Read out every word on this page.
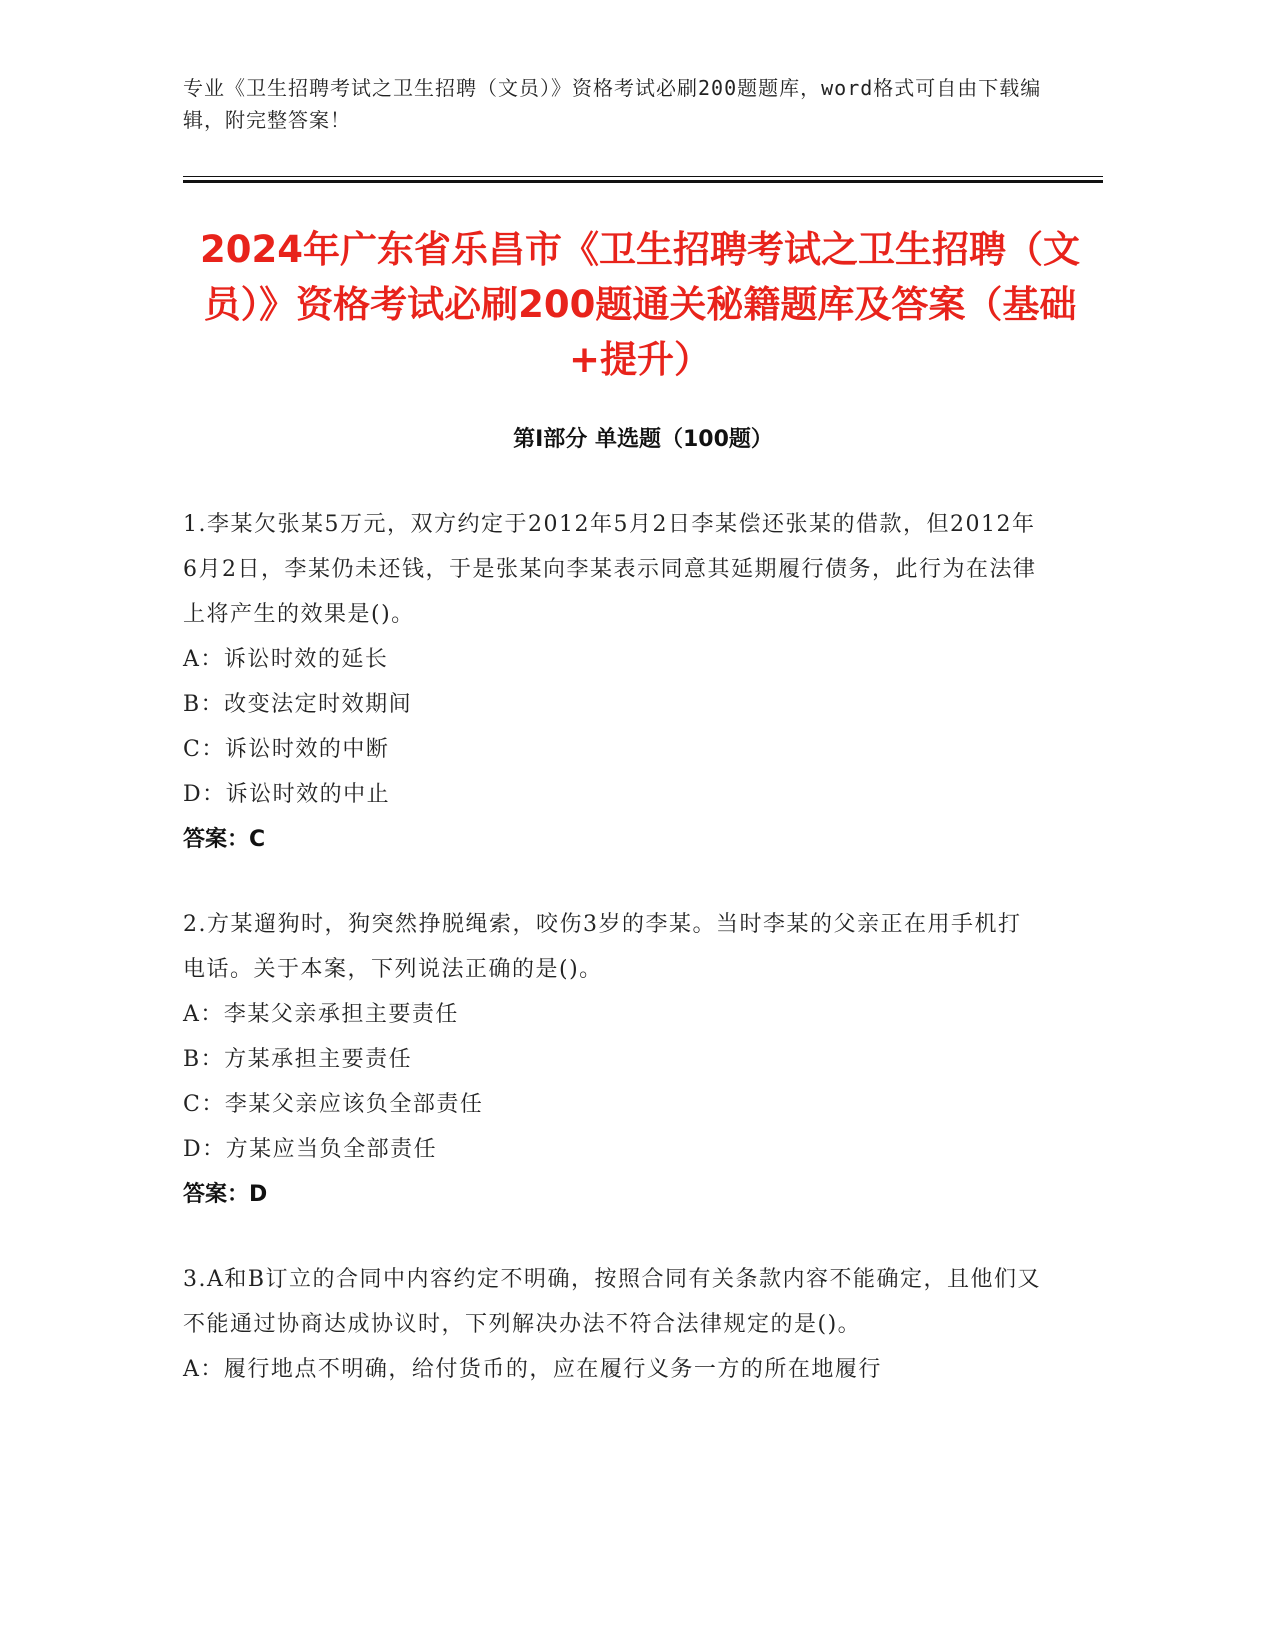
专业《卫生招聘考试之卫生招聘（文员）》资格考试必刷200题题库，word格式可自由下载编辑，附完整答案！
2024年广东省乐昌市《卫生招聘考试之卫生招聘（文员）》资格考试必刷200题通关秘籍题库及答案（基础+提升）
第Ⅰ部分 单选题（100题）
1.李某欠张某5万元，双方约定于2012年5月2日李某偿还张某的借款，但2012年6月2日，李某仍未还钱，于是张某向李某表示同意其延期履行债务，此行为在法律上将产生的效果是()。
A：诉讼时效的延长
B：改变法定时效期间
C：诉讼时效的中断
D：诉讼时效的中止
答案：C
2.方某遛狗时，狗突然挣脱绳索，咬伤3岁的李某。当时李某的父亲正在用手机打电话。关于本案，下列说法正确的是()。
A：李某父亲承担主要责任
B：方某承担主要责任
C：李某父亲应该负全部责任
D：方某应当负全部责任
答案：D
3.A和B订立的合同中内容约定不明确，按照合同有关条款内容不能确定，且他们又不能通过协商达成协议时，下列解决办法不符合法律规定的是()。
A：履行地点不明确，给付货币的，应在履行义务一方的所在地履行
